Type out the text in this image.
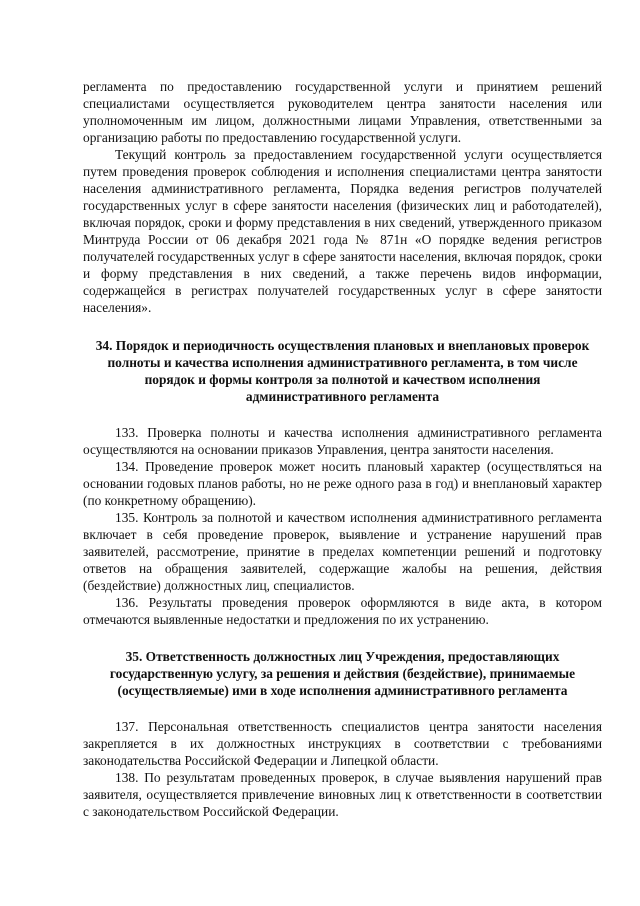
регламента по предоставлению государственной услуги и принятием решений специалистами осуществляется руководителем центра занятости населения или уполномоченным им лицом, должностными лицами Управления, ответственными за организацию работы по предоставлению государственной услуги.

Текущий контроль за предоставлением государственной услуги осуществляется путем проведения проверок соблюдения и исполнения специалистами центра занятости населения административного регламента, Порядка ведения регистров получателей государственных услуг в сфере занятости населения (физических лиц и работодателей), включая порядок, сроки и форму представления в них сведений, утвержденного приказом Минтруда России от 06 декабря 2021 года № 871н «О порядке ведения регистров получателей государственных услуг в сфере занятости населения, включая порядок, сроки и форму представления в них сведений, а также перечень видов информации, содержащейся в регистрах получателей государственных услуг в сфере занятости населения».

34. Порядок и периодичность осуществления плановых и внеплановых проверок полноты и качества исполнения административного регламента, в том числе порядок и формы контроля за полнотой и качеством исполнения административного регламента

133. Проверка полноты и качества исполнения административного регламента осуществляются на основании приказов Управления, центра занятости населения.

134. Проведение проверок может носить плановый характер (осуществляться на основании годовых планов работы, но не реже одного раза в год) и внеплановый характер (по конкретному обращению).

135. Контроль за полнотой и качеством исполнения административного регламента включает в себя проведение проверок, выявление и устранение нарушений прав заявителей, рассмотрение, принятие в пределах компетенции решений и подготовку ответов на обращения заявителей, содержащие жалобы на решения, действия (бездействие) должностных лиц, специалистов.

136. Результаты проведения проверок оформляются в виде акта, в котором отмечаются выявленные недостатки и предложения по их устранению.

35. Ответственность должностных лиц Учреждения, предоставляющих государственную услугу, за решения и действия (бездействие), принимаемые (осуществляемые) ими в ходе исполнения административного регламента

137. Персональная ответственность специалистов центра занятости населения закрепляется в их должностных инструкциях в соответствии с требованиями законодательства Российской Федерации и Липецкой области.

138. По результатам проведенных проверок, в случае выявления нарушений прав заявителя, осуществляется привлечение виновных лиц к ответственности в соответствии с законодательством Российской Федерации.
